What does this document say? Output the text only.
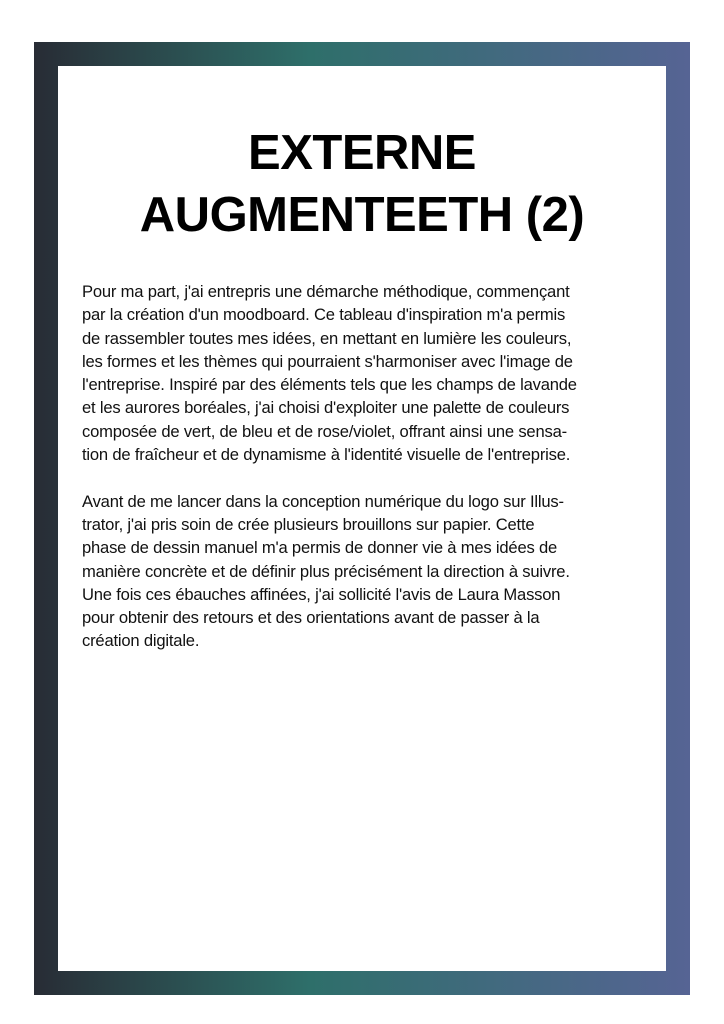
EXTERNE
AUGMENTEETH (2)
Pour ma part, j'ai entrepris une démarche méthodique, commençant
par la création d'un moodboard. Ce tableau d'inspiration m'a permis
de rassembler toutes mes idées, en mettant en lumière les couleurs,
les formes et les thèmes qui pourraient s'harmoniser avec l'image de
l'entreprise. Inspiré par des éléments tels que les champs de lavande
et les aurores boréales, j'ai choisi d'exploiter une palette de couleurs
composée de vert, de bleu et de rose/violet, offrant ainsi une sensa-
tion de fraîcheur et de dynamisme à l'identité visuelle de l'entreprise.
Avant de me lancer dans la conception numérique du logo sur Illus-
trator, j'ai pris soin de crée plusieurs brouillons sur papier. Cette
phase de dessin manuel m'a permis de donner vie à mes idées de
manière concrète et de définir plus précisément la direction à suivre.
Une fois ces ébauches affinées, j'ai sollicité l'avis de Laura Masson
pour obtenir des retours et des orientations avant de passer à la
création digitale.
